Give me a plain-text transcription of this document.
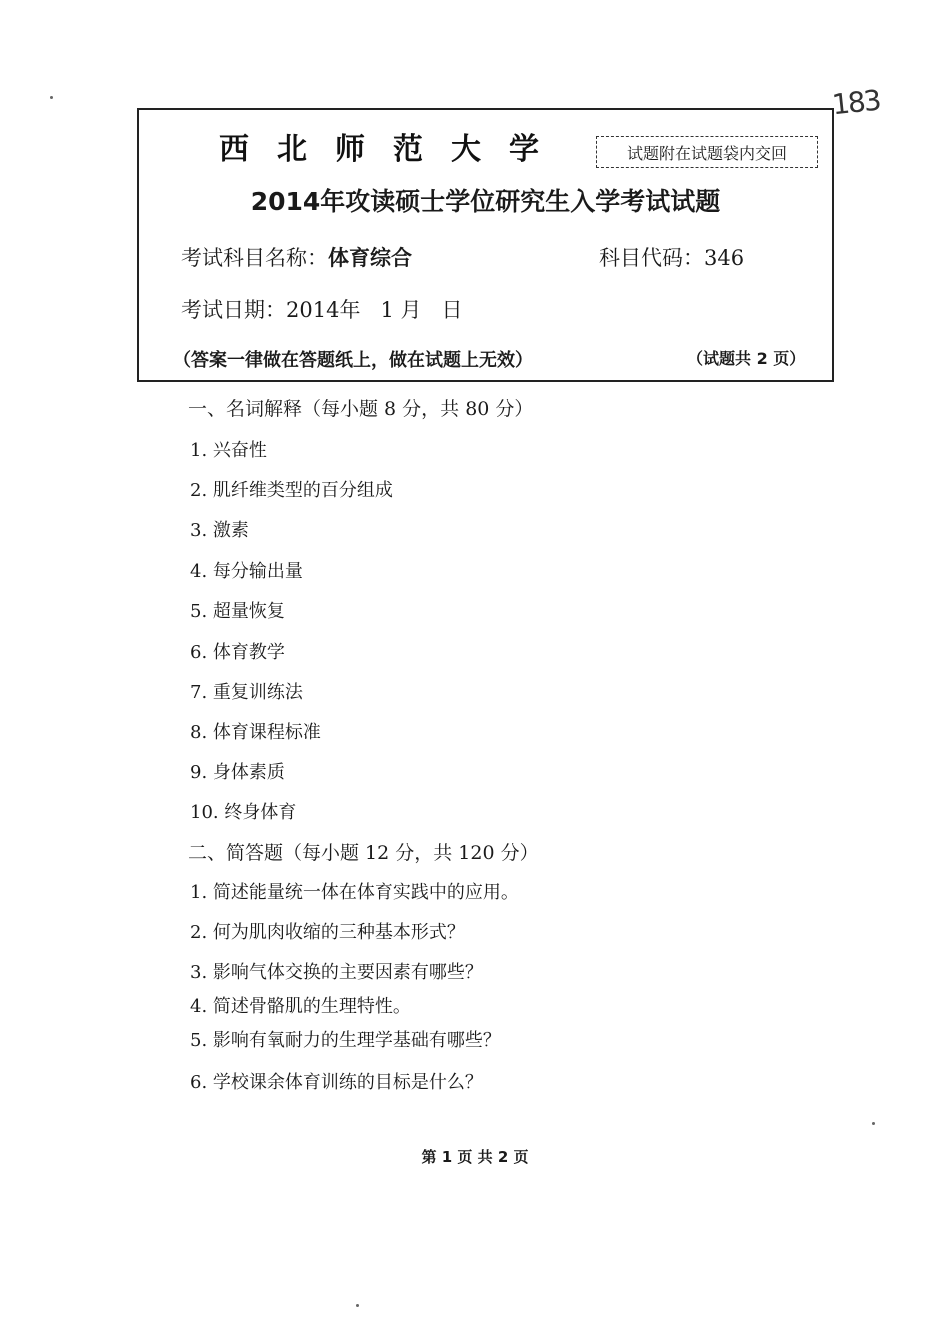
183
西北师范大学	试题附在试题袋内交回
2014年攻读硕士学位研究生入学考试试题
考试科目名称：体育综合	科目代码：346
考试日期：2014年 1 月 日
（答案一律做在答题纸上，做在试题上无效）	（试题共 2 页）
一、名词解释（每小题 8 分，共 80 分）
1. 兴奋性
2. 肌纤维类型的百分组成
3. 激素
4. 每分输出量
5. 超量恢复
6. 体育教学
7. 重复训练法
8. 体育课程标准
9. 身体素质
10. 终身体育
二、简答题（每小题 12 分，共 120 分）
1. 简述能量统一体在体育实践中的应用。
2. 何为肌肉收缩的三种基本形式？
3. 影响气体交换的主要因素有哪些？
4. 简述骨骼肌的生理特性。
5. 影响有氧耐力的生理学基础有哪些？
6. 学校课余体育训练的目标是什么？
第 1 页 共 2 页
